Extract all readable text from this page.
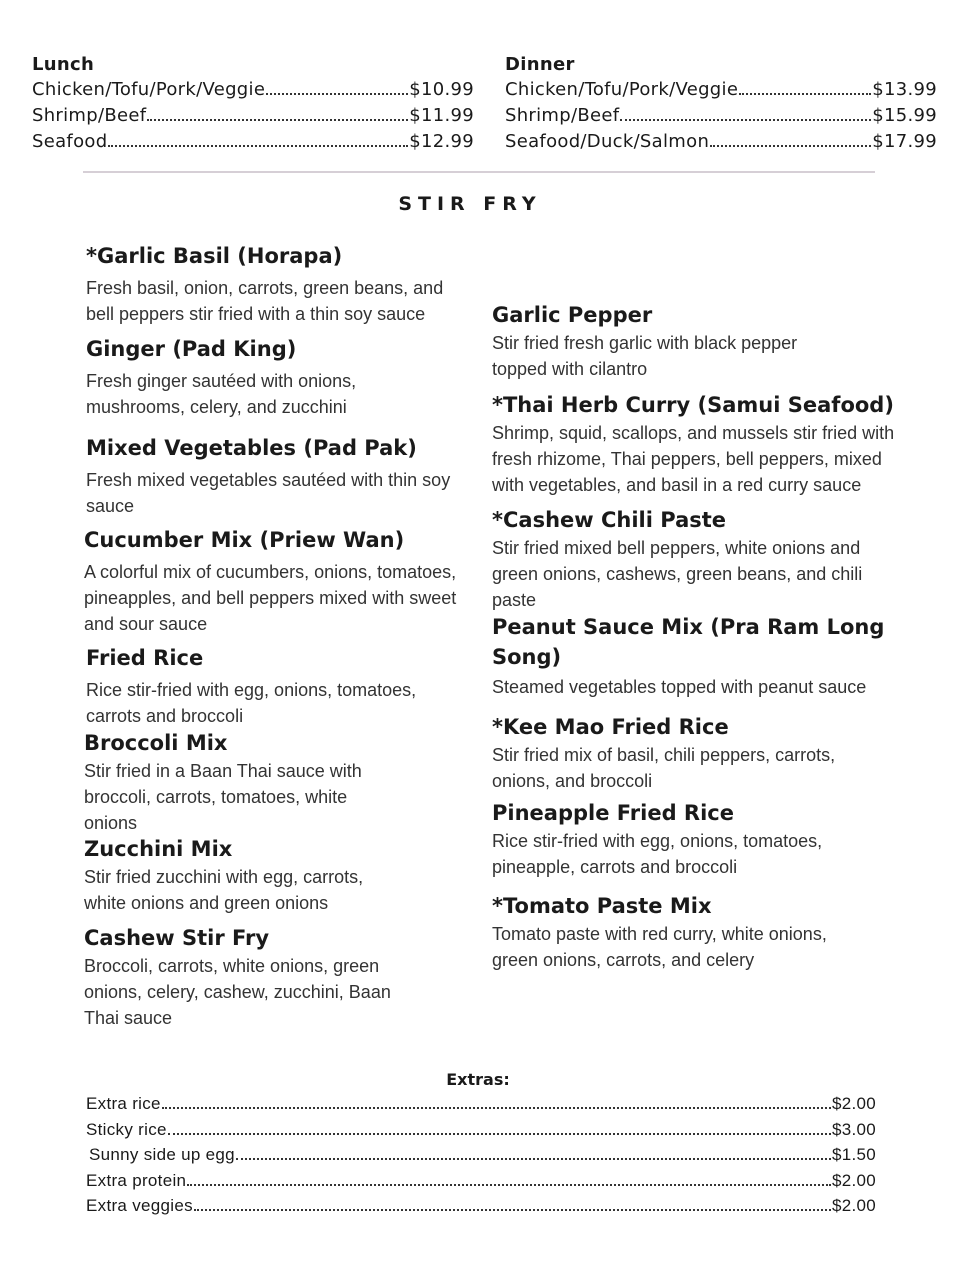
Lunch
Chicken/Tofu/Pork/Veggie	$10.99
Shrimp/Beef	$11.99
Seafood	$12.99
Dinner
Chicken/Tofu/Pork/Veggie	$13.99
Shrimp/Beef	$15.99
Seafood/Duck/Salmon	$17.99
STIR FRY
*Garlic Basil (Horapa)

Fresh basil, onion, carrots, green beans, and bell peppers stir fried with a thin soy sauce

Ginger (Pad King)

Fresh ginger sautéed with onions, mushrooms, celery, and zucchini

Mixed Vegetables (Pad Pak)

Fresh mixed vegetables sautéed with thin soy sauce

Cucumber Mix (Priew Wan)

A colorful mix of cucumbers, onions, tomatoes, pineapples, and bell peppers mixed with sweet and sour sauce

Fried Rice

Rice stir-fried with egg, onions, tomatoes, carrots and broccoli

Broccoli Mix

Stir fried in a Baan Thai sauce with broccoli, carrots, tomatoes, white onions

Zucchini Mix

Stir fried zucchini with egg, carrots, white onions and green onions

Cashew Stir Fry

Broccoli, carrots, white onions, green onions, celery, cashew, zucchini, Baan Thai sauce

Garlic Pepper

Stir fried fresh garlic with black pepper topped with cilantro

*Thai Herb Curry (Samui Seafood)

Shrimp, squid, scallops, and mussels stir fried with fresh rhizome, Thai peppers, bell peppers, mixed with vegetables, and basil in a red curry sauce

*Cashew Chili Paste

Stir fried mixed bell peppers, white onions and green onions, cashews, green beans, and chili paste

Peanut Sauce Mix (Pra Ram Long Song)

Steamed vegetables topped with peanut sauce

*Kee Mao Fried Rice

Stir fried mix of basil, chili peppers, carrots, onions, and broccoli

Pineapple Fried Rice

Rice stir-fried with egg, onions, tomatoes, pineapple, carrots and broccoli

*Tomato Paste Mix

Tomato paste with red curry, white onions, green onions, carrots, and celery

Extras:
Extra rice	$2.00
Sticky rice	$3.00
Sunny side up egg	$1.50
Extra protein	$2.00
Extra veggies	$2.00
